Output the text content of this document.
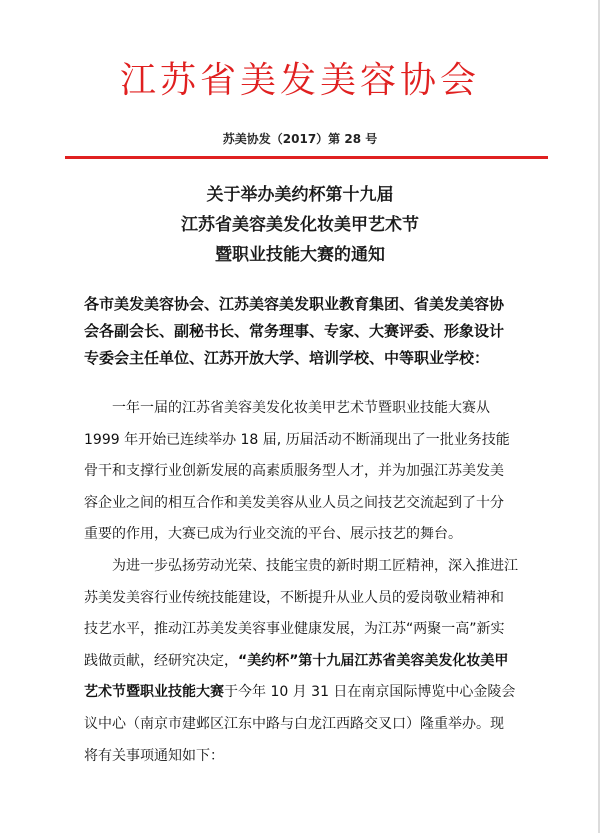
江苏省美发美容协会
苏美协发（2017）第 28 号
关于举办美约杯第十九届
江苏省美容美发化妆美甲艺术节
暨职业技能大赛的通知
各市美发美容协会、江苏美容美发职业教育集团、省美发美容协
会各副会长、副秘书长、常务理事、专家、大赛评委、形象设计
专委会主任单位、江苏开放大学、培训学校、中等职业学校：
一年一届的江苏省美容美发化妆美甲艺术节暨职业技能大赛从
1999 年开始已连续举办 18 届, 历届活动不断涌现出了一批业务技能
骨干和支撑行业创新发展的高素质服务型人才，并为加强江苏美发美
容企业之间的相互合作和美发美容从业人员之间技艺交流起到了十分
重要的作用，大赛已成为行业交流的平台、展示技艺的舞台。
为进一步弘扬劳动光荣、技能宝贵的新时期工匠精神，深入推进江
苏美发美容行业传统技能建设，不断提升从业人员的爱岗敬业精神和
技艺水平，推动江苏美发美容事业健康发展，为江苏“两聚一高”新实
践做贡献，经研究决定，“美约杯”第十九届江苏省美容美发化妆美甲
艺术节暨职业技能大赛于今年 10 月 31 日在南京国际博览中心金陵会
议中心（南京市建邺区江东中路与白龙江西路交叉口）隆重举办。现
将有关事项通知如下：
